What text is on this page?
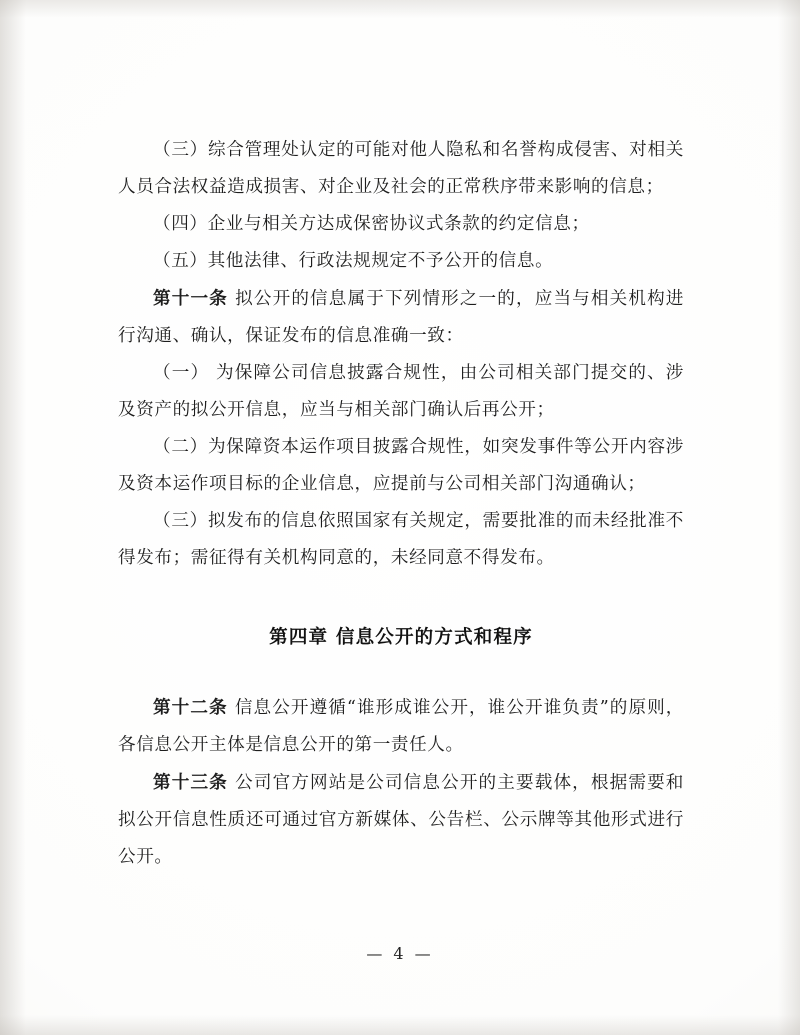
（三）综合管理处认定的可能对他人隐私和名誉构成侵害、对相关人员合法权益造成损害、对企业及社会的正常秩序带来影响的信息；

（四）企业与相关方达成保密协议式条款的约定信息；

（五）其他法律、行政法规规定不予公开的信息。

第十一条 拟公开的信息属于下列情形之一的，应当与相关机构进行沟通、确认，保证发布的信息准确一致：

（一） 为保障公司信息披露合规性，由公司相关部门提交的、涉及资产的拟公开信息，应当与相关部门确认后再公开；

（二）为保障资本运作项目披露合规性，如突发事件等公开内容涉及资本运作项目标的企业信息，应提前与公司相关部门沟通确认；

（三）拟发布的信息依照国家有关规定，需要批准的而未经批准不得发布；需征得有关机构同意的，未经同意不得发布。

第四章 信息公开的方式和程序

第十二条 信息公开遵循“谁形成谁公开，谁公开谁负责”的原则，各信息公开主体是信息公开的第一责任人。

第十三条 公司官方网站是公司信息公开的主要载体，根据需要和拟公开信息性质还可通过官方新媒体、公告栏、公示牌等其他形式进行公开。

— 4 —
